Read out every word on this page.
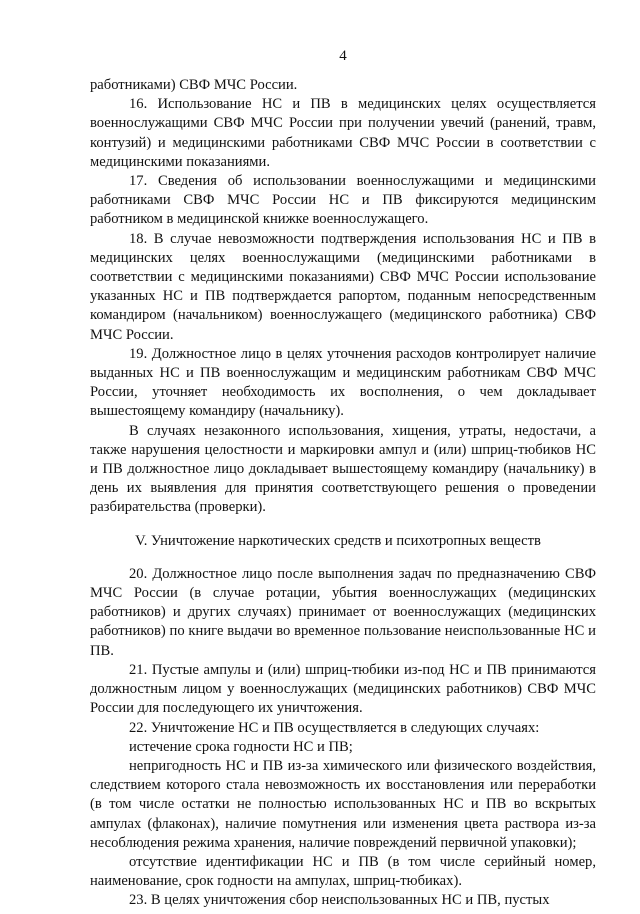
4

работниками) СВФ МЧС России.

16. Использование НС и ПВ в медицинских целях осуществляется военнослужащими СВФ МЧС России при получении увечий (ранений, травм, контузий) и медицинскими работниками СВФ МЧС России в соответствии с медицинскими показаниями.

17. Сведения об использовании военнослужащими и медицинскими работниками СВФ МЧС России НС и ПВ фиксируются медицинским работником в медицинской книжке военнослужащего.

18. В случае невозможности подтверждения использования НС и ПВ в медицинских целях военнослужащими (медицинскими работниками в соответствии с медицинскими показаниями) СВФ МЧС России использование указанных НС и ПВ подтверждается рапортом, поданным непосредственным командиром (начальником) военнослужащего (медицинского работника) СВФ МЧС России.

19. Должностное лицо в целях уточнения расходов контролирует наличие выданных НС и ПВ военнослужащим и медицинским работникам СВФ МЧС России, уточняет необходимость их восполнения, о чем докладывает вышестоящему командиру (начальнику).

В случаях незаконного использования, хищения, утраты, недостачи, а также нарушения целостности и маркировки ампул и (или) шприц-тюбиков НС и ПВ должностное лицо докладывает вышестоящему командиру (начальнику) в день их выявления для принятия соответствующего решения о проведении разбирательства (проверки).

V. Уничтожение наркотических средств и психотропных веществ

20. Должностное лицо после выполнения задач по предназначению СВФ МЧС России (в случае ротации, убытия военнослужащих (медицинских работников) и других случаях) принимает от военнослужащих (медицинских работников) по книге выдачи во временное пользование неиспользованные НС и ПВ.

21. Пустые ампулы и (или) шприц-тюбики из-под НС и ПВ принимаются должностным лицом у военнослужащих (медицинских работников) СВФ МЧС России для последующего их уничтожения.

22. Уничтожение НС и ПВ осуществляется в следующих случаях:

истечение срока годности НС и ПВ;

непригодность НС и ПВ из-за химического или физического воздействия, следствием которого стала невозможность их восстановления или переработки (в том числе остатки не полностью использованных НС и ПВ во вскрытых ампулах (флаконах), наличие помутнения или изменения цвета раствора из-за несоблюдения режима хранения, наличие повреждений первичной упаковки);

отсутствие идентификации НС и ПВ (в том числе серийный номер, наименование, срок годности на ампулах, шприц-тюбиках).

23. В целях уничтожения сбор неиспользованных НС и ПВ, пустых
